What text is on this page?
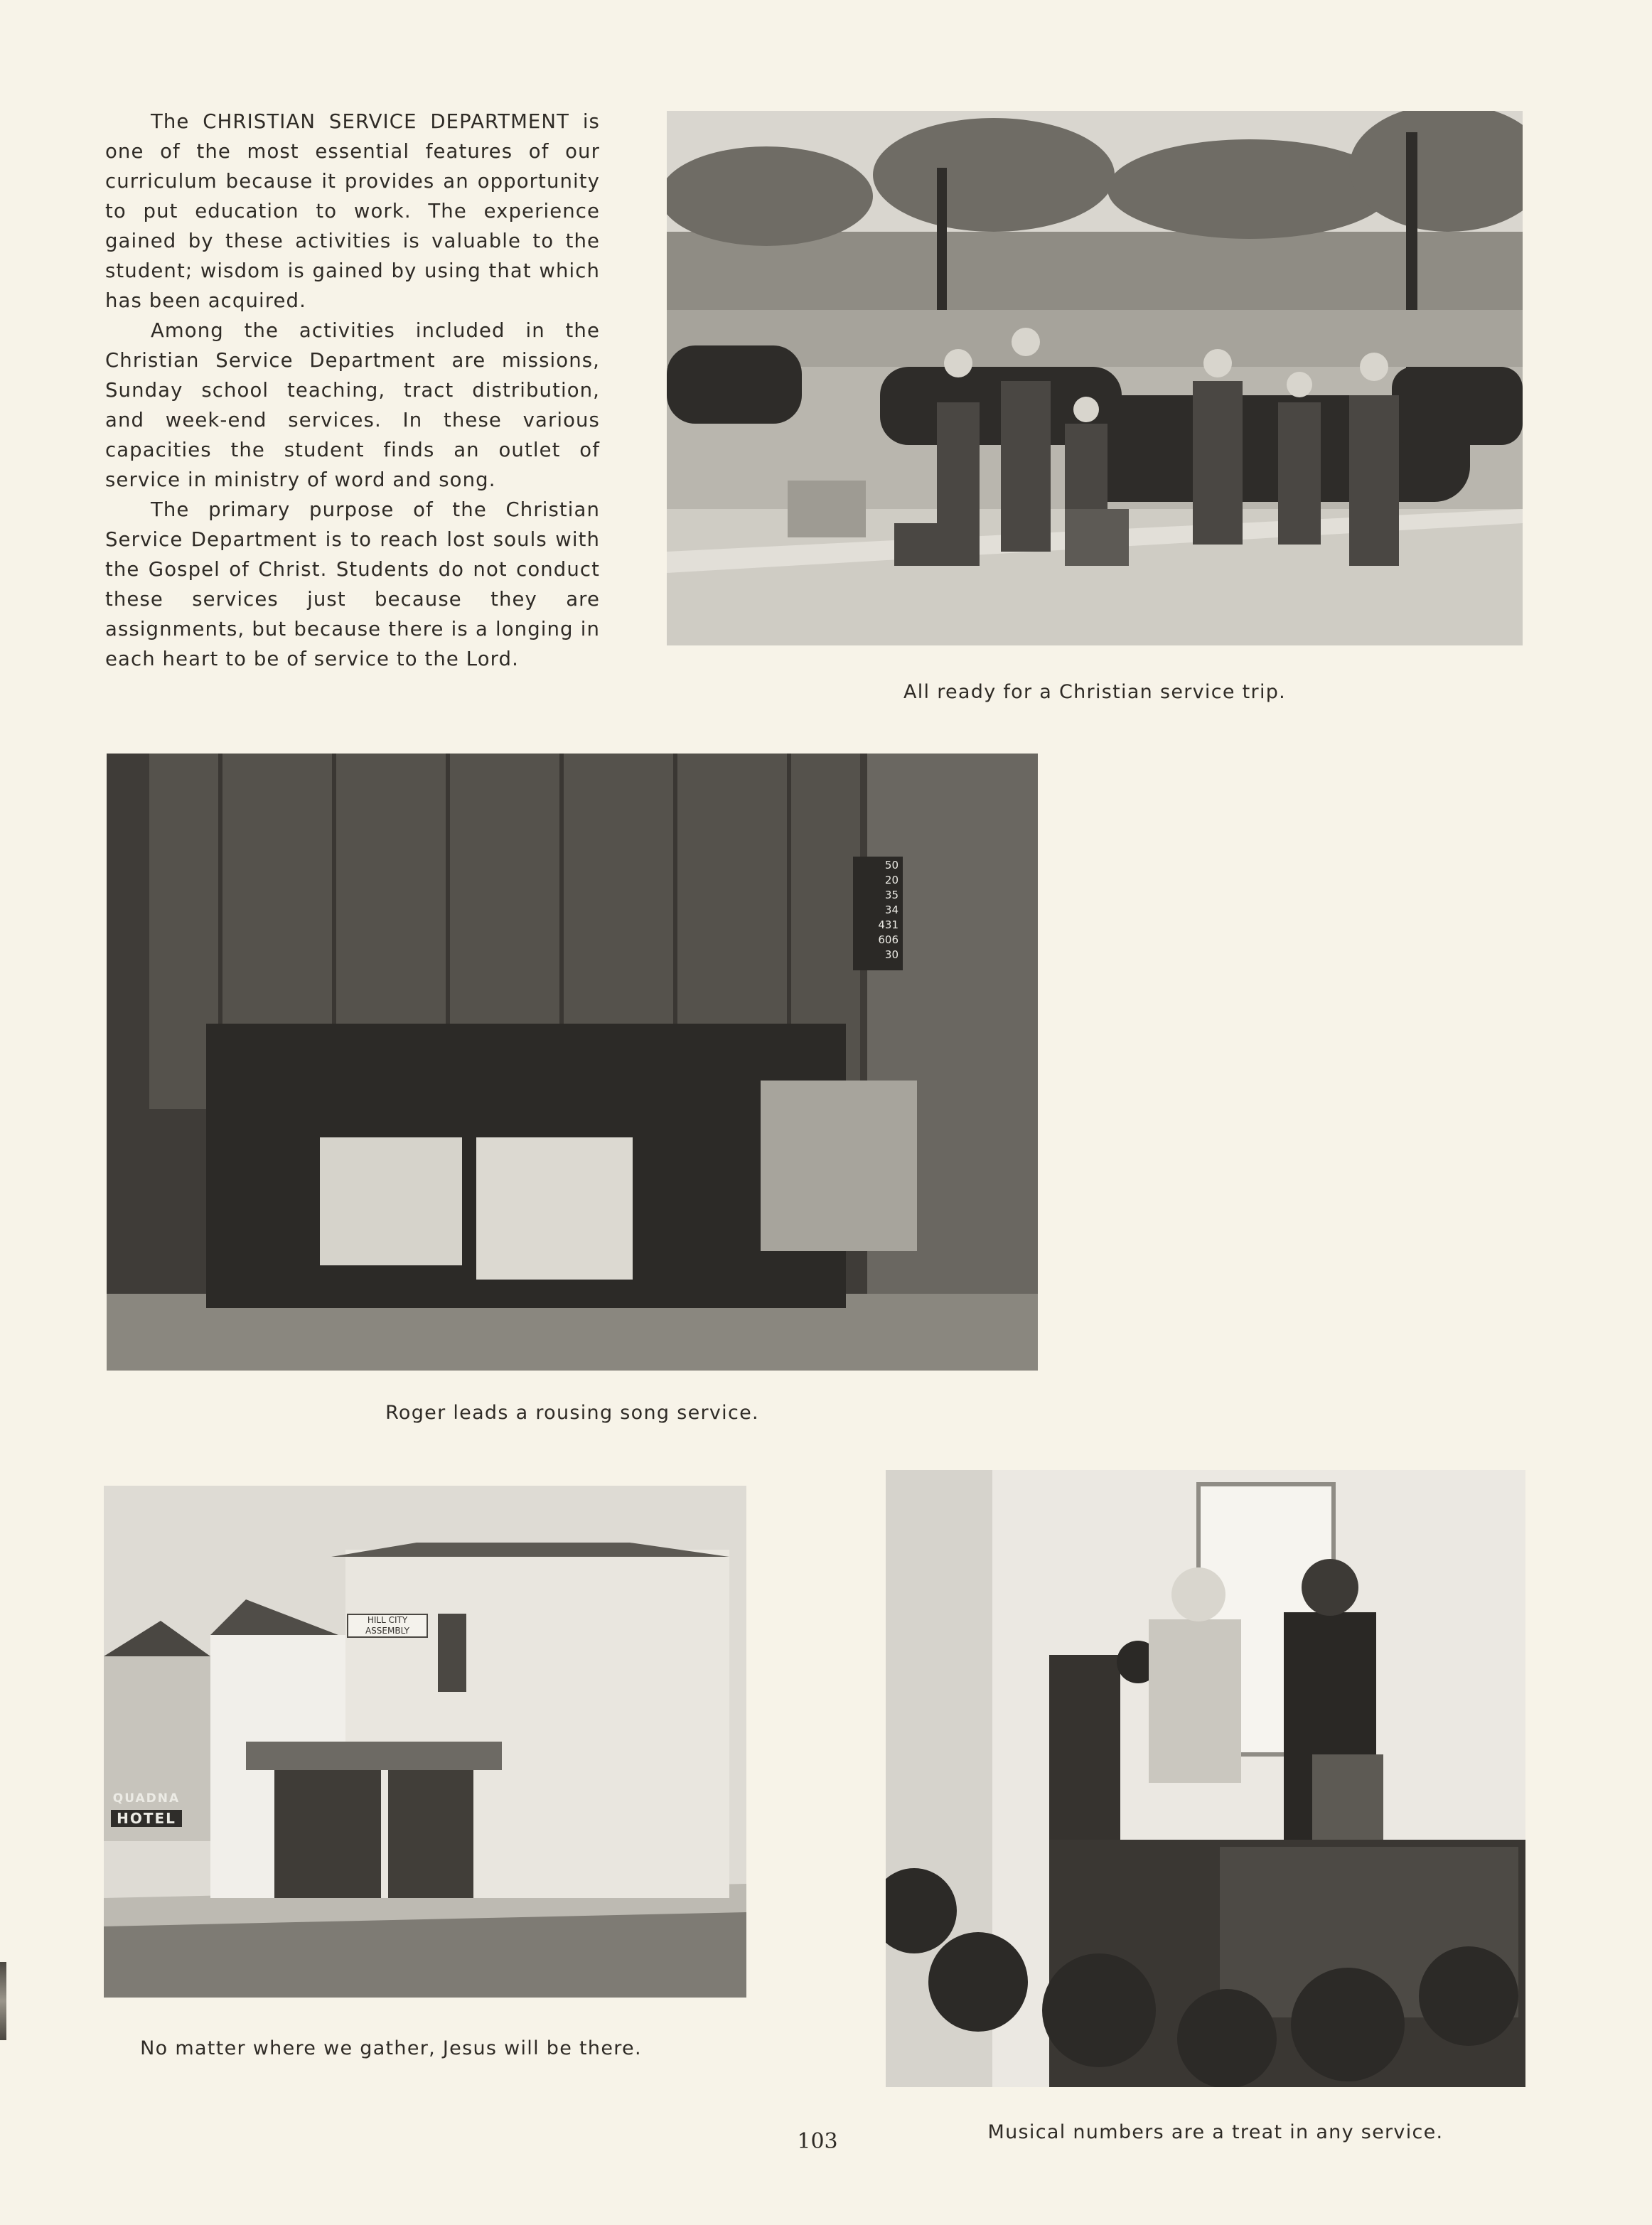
The CHRISTIAN SERVICE DEPARTMENT is one of the most essential features of our curriculum because it provides an opportunity to put education to work. The experience gained by these activities is valuable to the student; wisdom is gained by using that which has been acquired.

Among the activities included in the Christian Service Department are missions, Sunday school teaching, tract distribution, and week-end services. In these various capacities the student finds an outlet of service in ministry of word and song.

The primary purpose of the Christian Service Department is to reach lost souls with the Gospel of Christ. Students do not conduct these services just because they are assignments, but because there is a longing in each heart to be of service to the Lord.

All ready for a Christian service trip.
50
20
35
34
431
606
30
Roger leads a rousing song service.
HILL CITY ASSEMBLY
QUADNA
HOTEL
No matter where we gather, Jesus will be there.
Musical numbers are a treat in any service.
103
